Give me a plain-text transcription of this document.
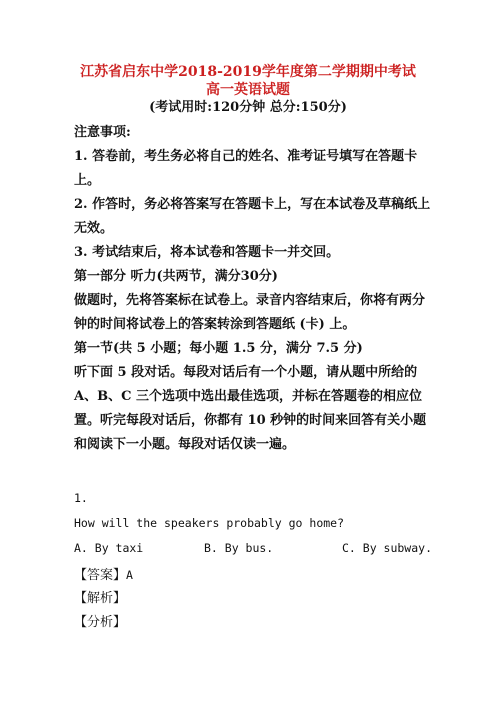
江苏省启东中学2018-2019学年度第二学期期中考试
高一英语试题
(考试用时:120分钟 总分:150分)
注意事项:
1. 答卷前，考生务必将自己的姓名、准考证号填写在答题卡上。
2. 作答时，务必将答案写在答题卡上，写在本试卷及草稿纸上无效。
3. 考试结束后，将本试卷和答题卡一并交回。
第一部分 听力(共两节，满分30分)
做题时，先将答案标在试卷上。录音内容结束后，你将有两分钟的时间将试卷上的答案转涂到答题纸 (卡) 上。
第一节(共 5 小题；每小题 1.5 分，满分 7.5 分)
听下面 5 段对话。每段对话后有一个小题，请从题中所给的A、B、C 三个选项中选出最佳选项，并标在答题卷的相应位置。听完每段对话后，你都有 10 秒钟的时间来回答有关小题和阅读下一小题。每段对话仅读一遍。
1.
How will the speakers probably go home?
A. By taxi	B. By bus.	C. By subway.
【答案】A
【解析】
【分析】
